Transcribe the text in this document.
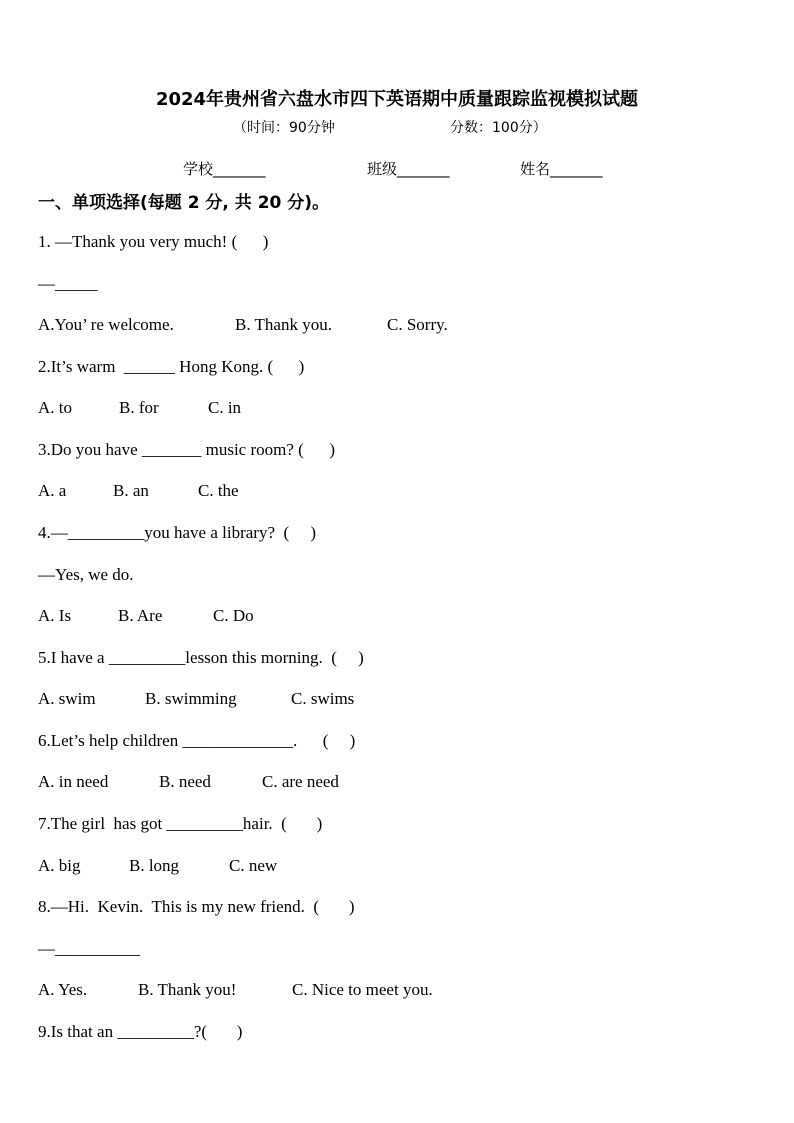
2024年贵州省六盘水市四下英语期中质量跟踪监视模拟试题
（时间：90分钟	分数：100分）
学校_______	班级_______	姓名_______
一、单项选择(每题 2 分, 共 20 分)。
1. —Thank you very much! (      )
—_____
A.You’ re welcome.	B. Thank you.	C. Sorry.
2.It’s warm  ______ Hong Kong. (      )
A. to	B. for	C. in
3.Do you have _______ music room? (      )
A. a	B. an	C. the
4.—_________you have a library?  (     )
—Yes, we do.
A. Is	B. Are	C. Do
5.I have a _________lesson this morning.  (     )
A. swim	B. swimming	C. swims
6.Let’s help children _____________.      (     )
A. in need	B. need	C. are need
7.The girl  has got _________hair.  (       )
A. big	B. long	C. new
8.—Hi.  Kevin.  This is my new friend.  (       )
—__________
A. Yes.	B. Thank you!	C. Nice to meet you.
9.Is that an _________?(       )
